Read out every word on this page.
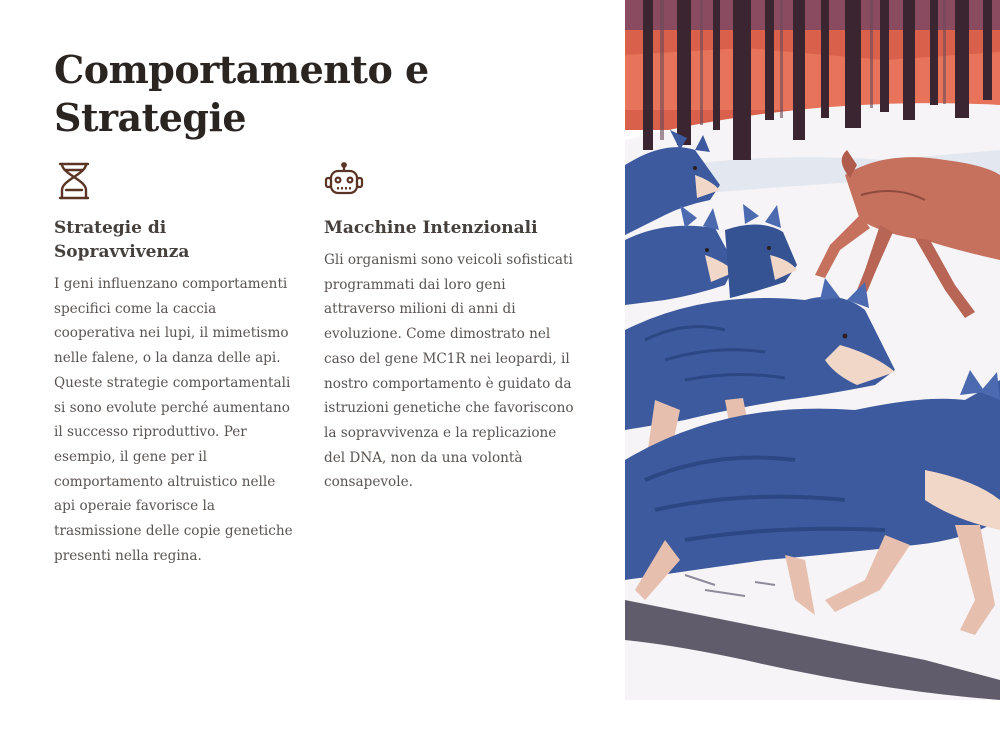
Comportamento e Strategie
Strategie di Sopravvivenza

I geni influenzano comportamenti specifici come la caccia cooperativa nei lupi, il mimetismo nelle falene, o la danza delle api. Queste strategie comportamentali si sono evolute perché aumentano il successo riproduttivo. Per esempio, il gene per il comportamento altruistico nelle api operaie favorisce la trasmissione delle copie genetiche presenti nella regina.

Macchine Intenzionali

Gli organismi sono veicoli sofisticati programmati dai loro geni attraverso milioni di anni di evoluzione. Come dimostrato nel caso del gene MC1R nei leopardi, il nostro comportamento è guidato da istruzioni genetiche che favoriscono la sopravvivenza e la replicazione del DNA, non da una volontà consapevole.
